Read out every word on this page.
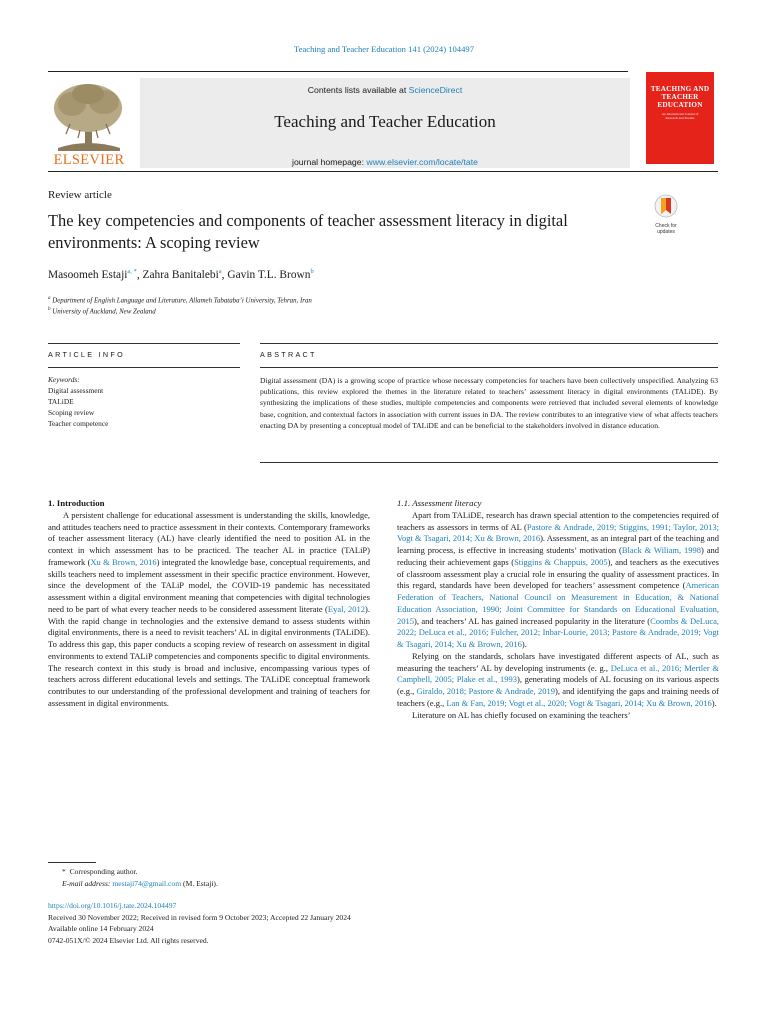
Teaching and Teacher Education 141 (2024) 104497
ELSEVIER
Contents lists available at ScienceDirect
Teaching and Teacher Education
journal homepage: www.elsevier.com/locate/tate
TEACHING AND TEACHER EDUCATION
An International Journal of Research and Studies
Review article
The key competencies and components of teacher assessment literacy in digital environments: A scoping review
Check for updates
Masoomeh Estaji$^{a, *}$, Zahra Banitalebi$^a$, Gavin T.L. Brown$^b$
$^a$ Department of English Language and Literature, Allameh Tabataba’i University, Tehran, Iran
$^b$ University of Auckland, New Zealand
ARTICLE INFO	ABSTRACT
Keywords:
Digital assessment
TALiDE
Scoping review
Teacher competence
Digital assessment (DA) is a growing scope of practice whose necessary competencies for teachers have been collectively unspecified. Analyzing 63 publications, this review explored the themes in the literature related to teachers’ assessment literacy in digital environments (TALiDE). By synthesizing the implications of these studies, multiple competencies and components were retrieved that included several elements of knowledge base, cognition, and contextual factors in association with current issues in DA. The review contributes to an integrative view of what affects teachers enacting DA by presenting a conceptual model of TALiDE and can be beneficial to the stakeholders involved in distance education.

1. Introduction

A persistent challenge for educational assessment is understanding the skills, knowledge, and attitudes teachers need to practice assessment in their contexts. Contemporary frameworks of teacher assessment literacy (AL) have clearly identified the need to position AL in the context in which assessment has to be practiced. The teacher AL in practice (TALiP) framework (Xu & Brown, 2016) integrated the knowledge base, conceptual requirements, and skills teachers need to implement assessment in their specific practice environment. However, since the development of the TALiP model, the COVID-19 pandemic has necessitated assessment within a digital environment meaning that competencies with digital technologies need to be part of what every teacher needs to be considered assessment literate (Eyal, 2012). With the rapid change in technologies and the extensive demand to assess students within digital environments, there is a need to revisit teachers’ AL in digital environments (TALiDE). To address this gap, this paper conducts a scoping review of research on assessment in digital environments to extend TALiP competencies and components specific to digital environments. The research context in this study is broad and inclusive, encompassing various types of teachers across different educational levels and settings. The TALiDE conceptual framework contributes to our understanding of the professional development and training of teachers for assessment in digital environments.

1.1. Assessment literacy

Apart from TALiDE, research has drawn special attention to the competencies required of teachers as assessors in terms of AL (Pastore & Andrade, 2019; Stiggins, 1991; Taylor, 2013; Vogt & Tsagari, 2014; Xu & Brown, 2016). Assessment, as an integral part of the teaching and learning process, is effective in increasing students’ motivation (Black & Wiliam, 1998) and reducing their achievement gaps (Stiggins & Chappuis, 2005), and teachers as the executives of classroom assessment play a crucial role in ensuring the quality of assessment practices. In this regard, standards have been developed for teachers’ assessment competence (American Federation of Teachers, National Council on Measurement in Education, & National Education Association, 1990; Joint Committee for Standards on Educational Evaluation, 2015), and teachers’ AL has gained increased popularity in the literature (Coombs & DeLuca, 2022; DeLuca et al., 2016; Fulcher, 2012; Inbar-Lourie, 2013; Pastore & Andrade, 2019; Vogt & Tsagari, 2014; Xu & Brown, 2016).

Relying on the standards, scholars have investigated different aspects of AL, such as measuring the teachers’ AL by developing instruments (e. g., DeLuca et al., 2016; Mertler & Campbell, 2005; Plake et al., 1993), generating models of AL focusing on its various aspects (e.g., Giraldo, 2018; Pastore & Andrade, 2019), and identifying the gaps and training needs of teachers (e.g., Lan & Fan, 2019; Vogt et al., 2020; Vogt & Tsagari, 2014; Xu & Brown, 2016).

Literature on AL has chiefly focused on examining the teachers’

* Corresponding author.
E-mail address: mestaji74@gmail.com (M. Estaji).
https://doi.org/10.1016/j.tate.2024.104497
Received 30 November 2022; Received in revised form 9 October 2023; Accepted 22 January 2024
Available online 14 February 2024
0742-051X/© 2024 Elsevier Ltd. All rights reserved.
